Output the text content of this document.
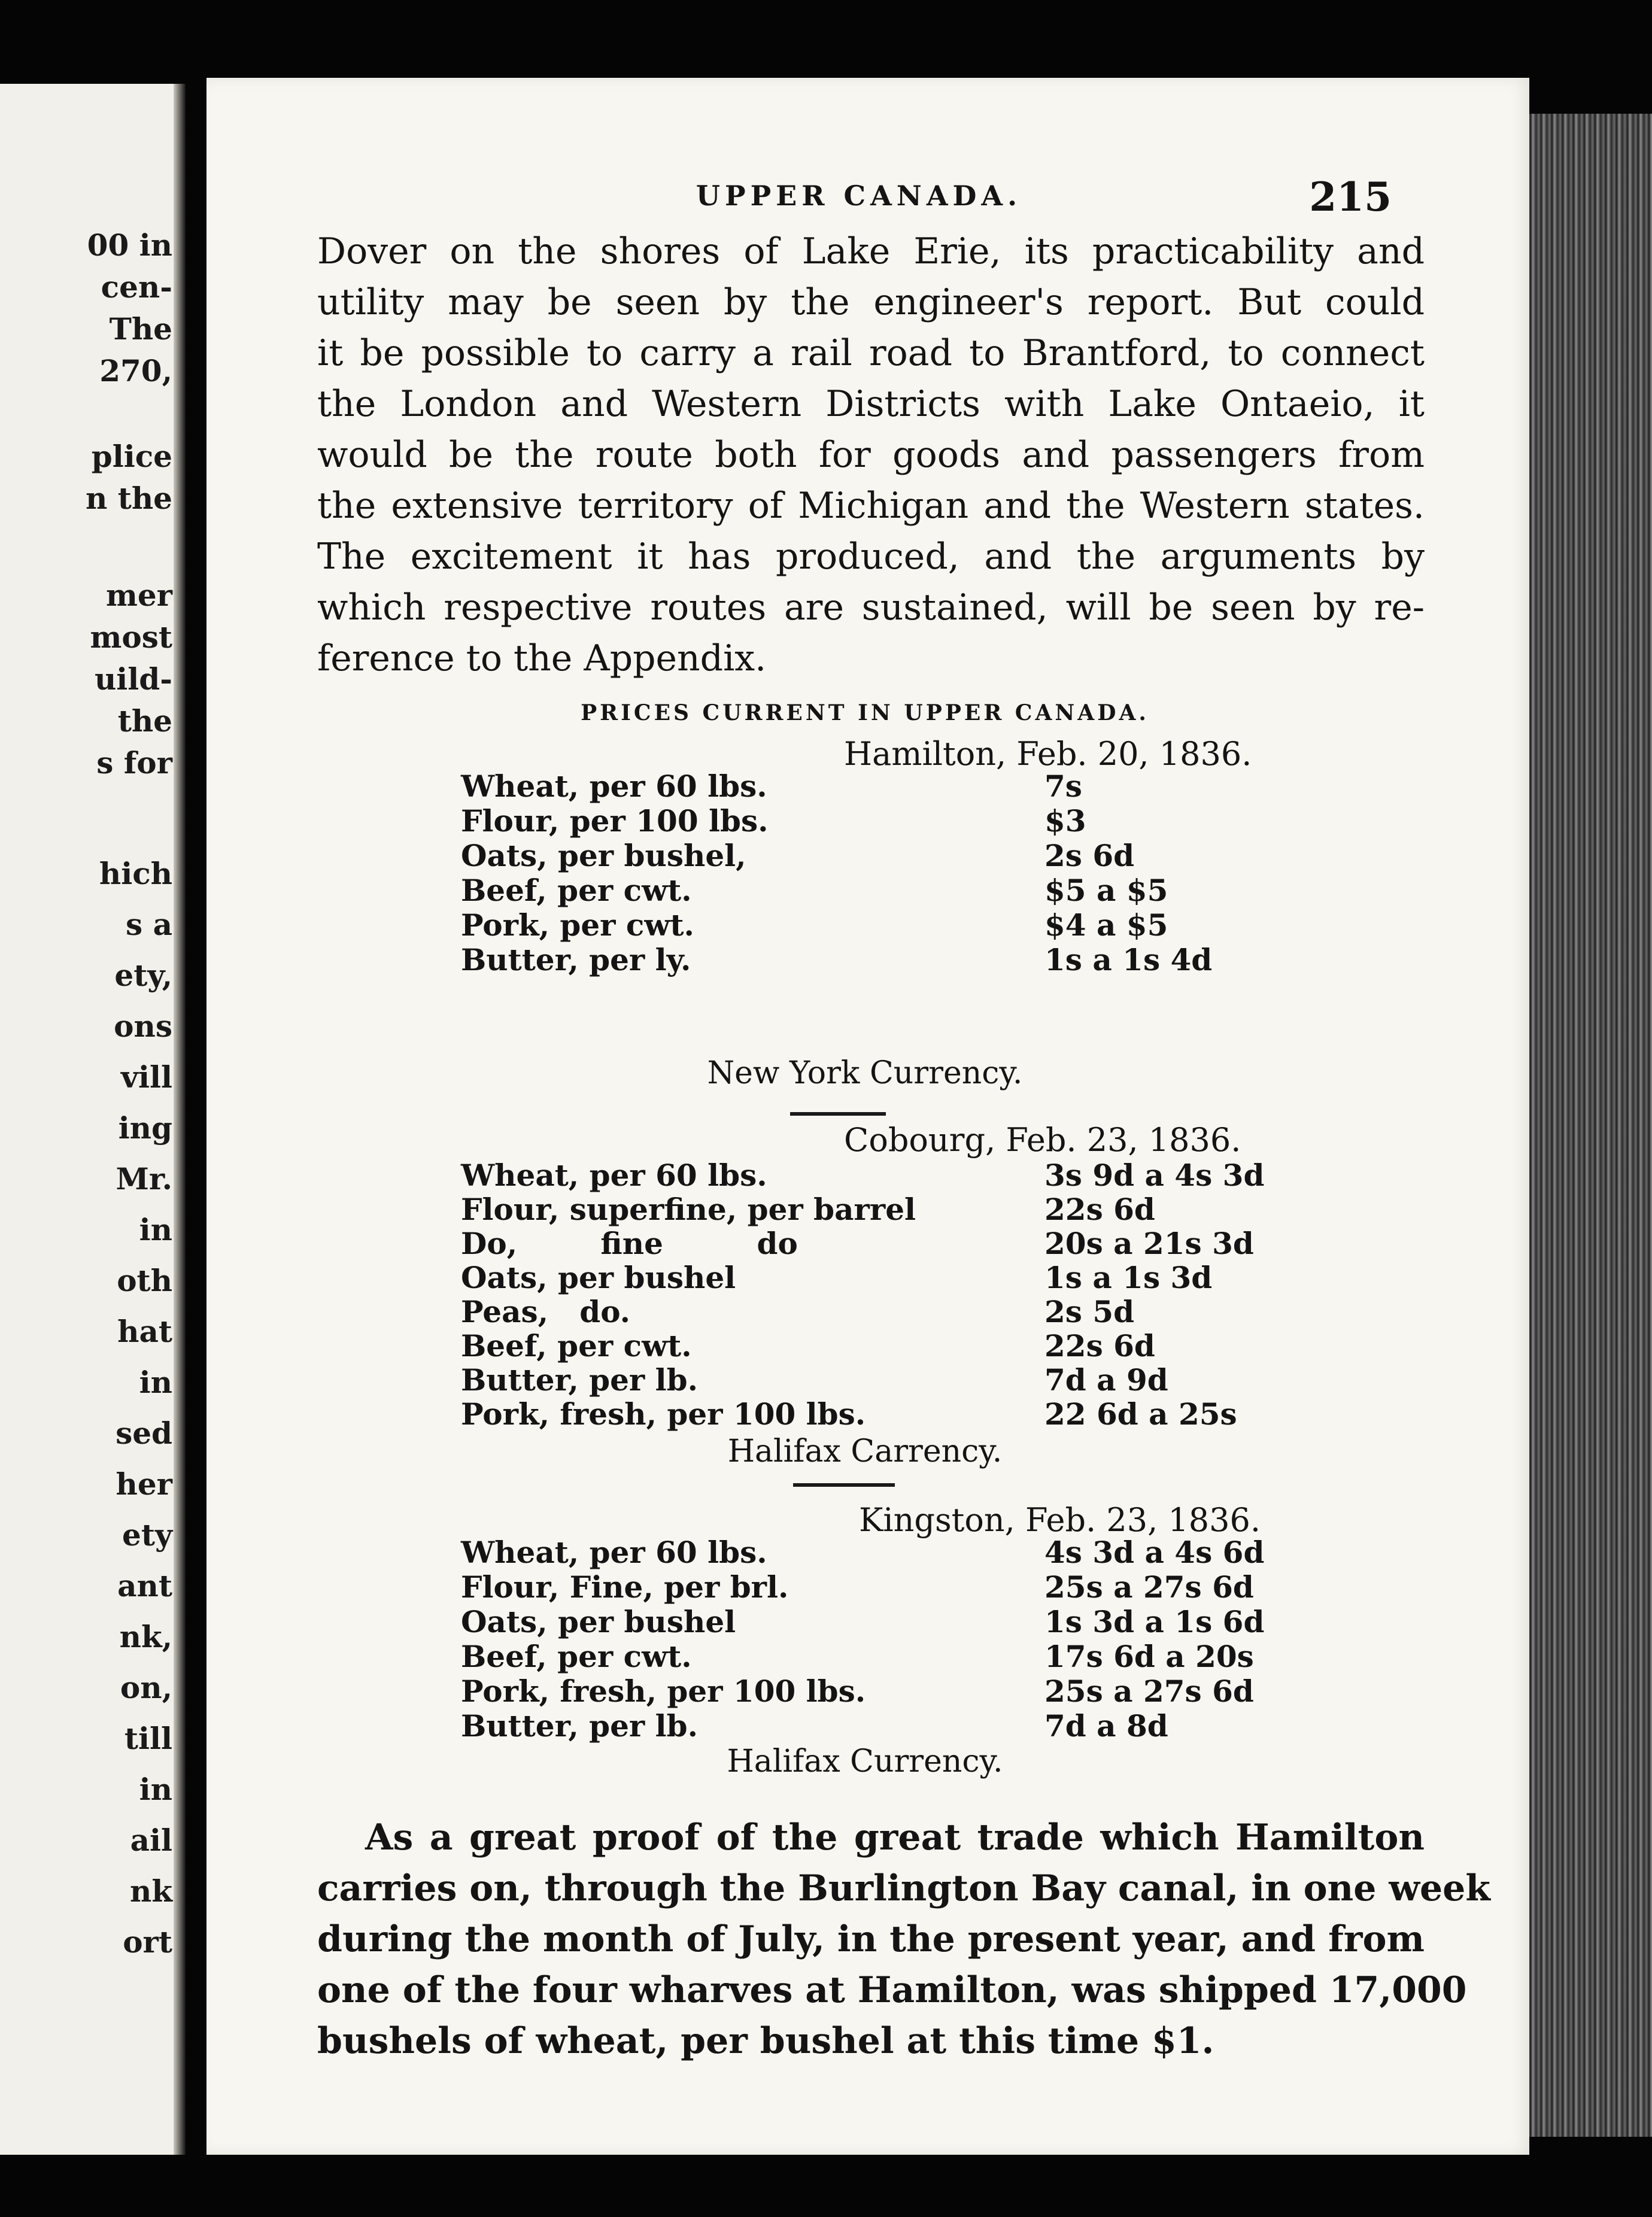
00 in
cen-
The
270,
plice
n the
mer
most
uild-
the
s for
hich
s a
ety,
ons
vill
ing
Mr.
in
oth
hat
in
sed
her
ety
ant
nk,
on,
till
in
ail
nk
ort
UPPER CANADA.	215
Dover on the shores of Lake Erie, its practicability and
utility may be seen by the engineer's report. But could
it be possible to carry a rail road to Brantford, to connect
the London and Western Districts with Lake Ontaeio, it
would be the route both for goods and passengers from
the extensive territory of Michigan and the Western states.
The excitement it has produced, and the arguments by
which respective routes are sustained, will be seen by re-
ference to the Appendix.
PRICES CURRENT IN UPPER CANADA.
Hamilton, Feb. 20, 1836.
Wheat, per 60 lbs.	7s
Flour, per 100 lbs.	$3
Oats, per bushel,	2s 6d
Beef, per cwt.	$5 a $5
Pork, per cwt.	$4 a $5
Butter, per ly.	1s a 1s 4d
New York Currency.
Cobourg, Feb. 23, 1836.
Wheat, per 60 lbs.	3s 9d a 4s 3d
Flour, superfine, per barrel	22s 6d
Do,        fine         do	20s a 21s 3d
Oats, per bushel	1s a 1s 3d
Peas,   do.	2s 5d
Beef, per cwt.	22s 6d
Butter, per lb.	7d a 9d
Pork, fresh, per 100 lbs.	22 6d a 25s
Halifax Carrency.
Kingston, Feb. 23, 1836.
Wheat, per 60 lbs.	4s 3d a 4s 6d
Flour, Fine, per brl.	25s a 27s 6d
Oats, per bushel	1s 3d a 1s 6d
Beef, per cwt.	17s 6d a 20s
Pork, fresh, per 100 lbs.	25s a 27s 6d
Butter, per lb.	7d a 8d
Halifax Currency.
As a great proof of the great trade which Hamilton
carries on, through the Burlington Bay canal, in one week
during the month of July, in the present year, and from
one of the four wharves at Hamilton, was shipped 17,000
bushels of wheat, per bushel at this time $1.
